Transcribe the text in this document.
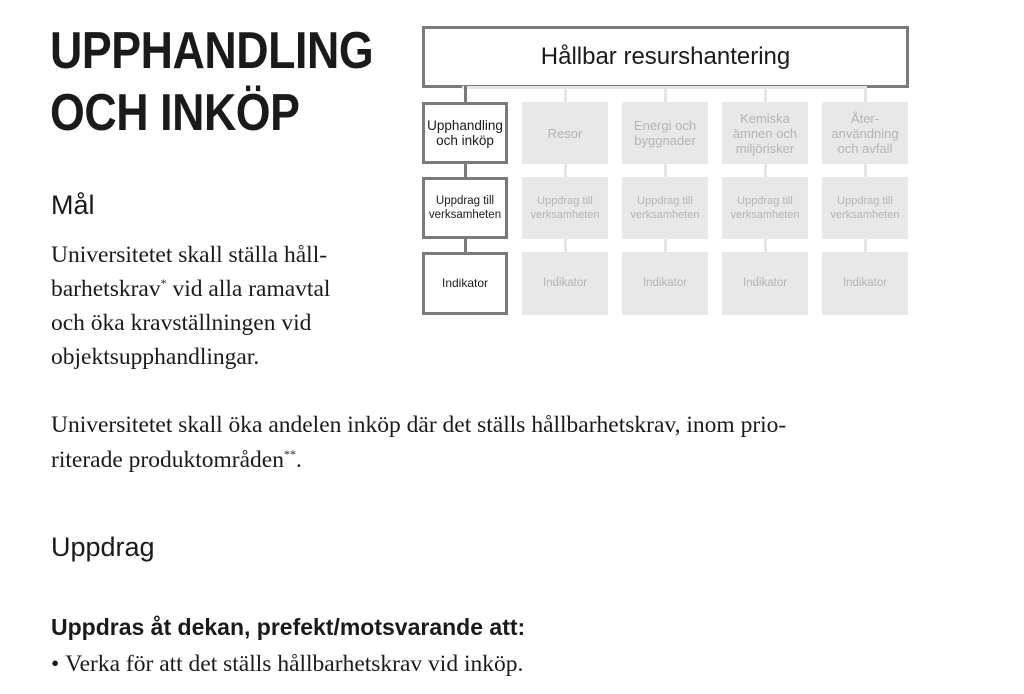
UPPHANDLING
OCH INKÖP
Mål

Universitetet skall ställa håll-
barhetskrav* vid alla ramavtal
och öka kravställningen vid
objektsupphandlingar.

Universitetet skall öka andelen inköp där det ställs hållbarhetskrav, inom prio-
riterade produktområden**.

Uppdrag
Uppdras åt dekan, prefekt/motsvarande att:
• Verka för att det ställs hållbarhetskrav vid inköp.
Hållbar resurshantering
Upphandling
och inköp
Uppdrag till
verksamheten
Indikator
Resor
Uppdrag till
verksamheten
Indikator
Energi och
byggnader
Uppdrag till
verksamheten
Indikator
Kemiska
ämnen och
miljörisker
Uppdrag till
verksamheten
Indikator
Åter-
användning
och avfall
Uppdrag till
verksamheten
Indikator
